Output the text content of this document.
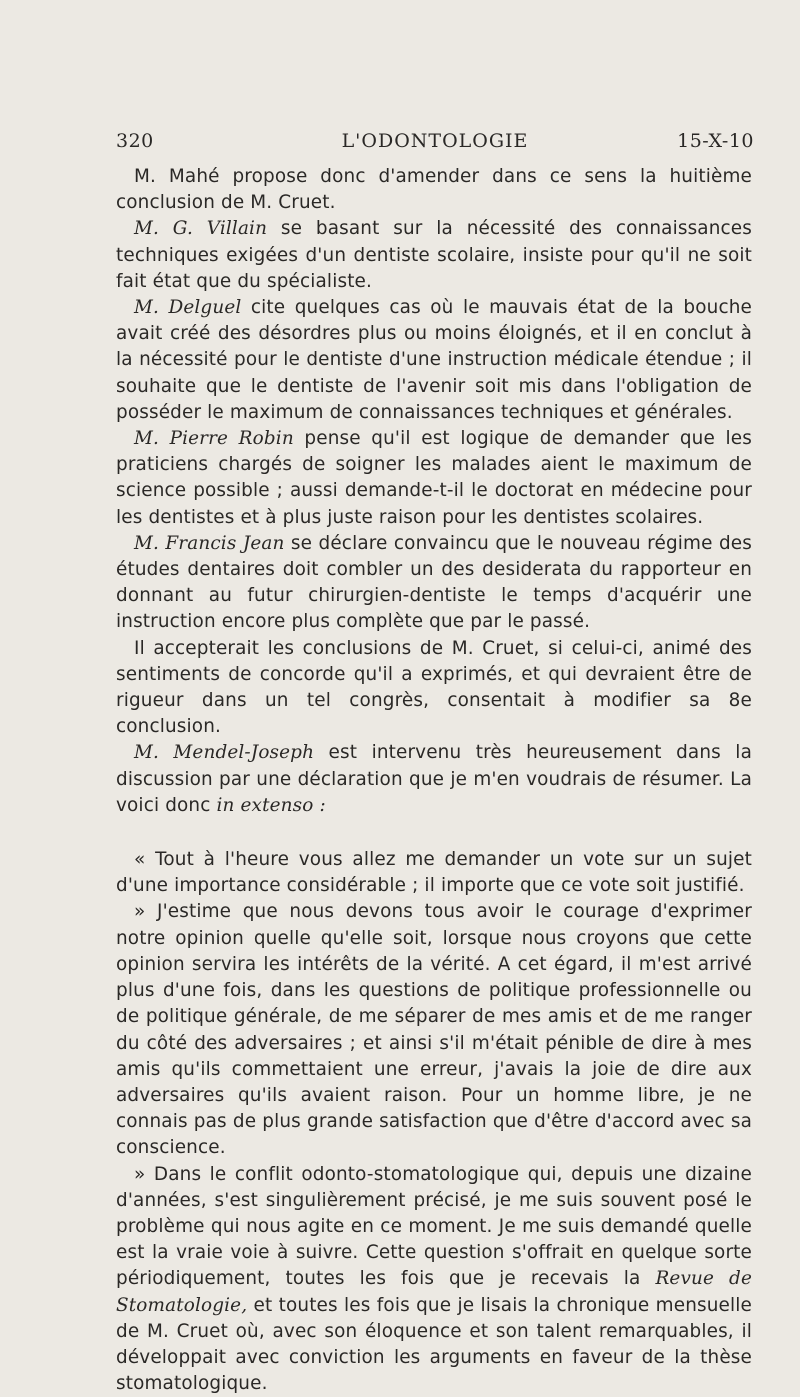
320	L'ODONTOLOGIE	15-X-10

M. Mahé propose donc d'amender dans ce sens la huitième conclusion de M. Cruet.

M. G. Villain se basant sur la nécessité des connaissances techniques exigées d'un dentiste scolaire, insiste pour qu'il ne soit fait état que du spécialiste.

M. Delguel cite quelques cas où le mauvais état de la bouche avait créé des désordres plus ou moins éloignés, et il en conclut à la nécessité pour le dentiste d'une instruction médicale étendue ; il souhaite que le dentiste de l'avenir soit mis dans l'obligation de posséder le maximum de connaissances techniques et générales.

M. Pierre Robin pense qu'il est logique de demander que les praticiens chargés de soigner les malades aient le maximum de science possible ; aussi demande-t-il le doctorat en médecine pour les dentistes et à plus juste raison pour les dentistes scolaires.

M. Francis Jean se déclare convaincu que le nouveau régime des études dentaires doit combler un des desiderata du rapporteur en donnant au futur chirurgien-dentiste le temps d'acquérir une instruction encore plus complète que par le passé.

Il accepterait les conclusions de M. Cruet, si celui-ci, animé des sentiments de concorde qu'il a exprimés, et qui devraient être de rigueur dans un tel congrès, consentait à modifier sa 8e conclusion.

M. Mendel-Joseph est intervenu très heureusement dans la discussion par une déclaration que je m'en voudrais de résumer. La voici donc in extenso :

« Tout à l'heure vous allez me demander un vote sur un sujet d'une importance considérable ; il importe que ce vote soit justifié.

» J'estime que nous devons tous avoir le courage d'exprimer notre opinion quelle qu'elle soit, lorsque nous croyons que cette opinion servira les intérêts de la vérité. A cet égard, il m'est arrivé plus d'une fois, dans les questions de politique professionnelle ou de politique générale, de me séparer de mes amis et de me ranger du côté des adversaires ; et ainsi s'il m'était pénible de dire à mes amis qu'ils commettaient une erreur, j'avais la joie de dire aux adversaires qu'ils avaient raison. Pour un homme libre, je ne connais pas de plus grande satisfaction que d'être d'accord avec sa conscience.

» Dans le conflit odonto-stomatologique qui, depuis une dizaine d'années, s'est singulièrement précisé, je me suis souvent posé le problème qui nous agite en ce moment. Je me suis demandé quelle est la vraie voie à suivre. Cette question s'offrait en quelque sorte périodiquement, toutes les fois que je recevais la Revue de Stomatologie, et toutes les fois que je lisais la chronique mensuelle de M. Cruet où, avec son éloquence et son talent remarquables, il développait avec conviction les arguments en faveur de la thèse stomatologique.
